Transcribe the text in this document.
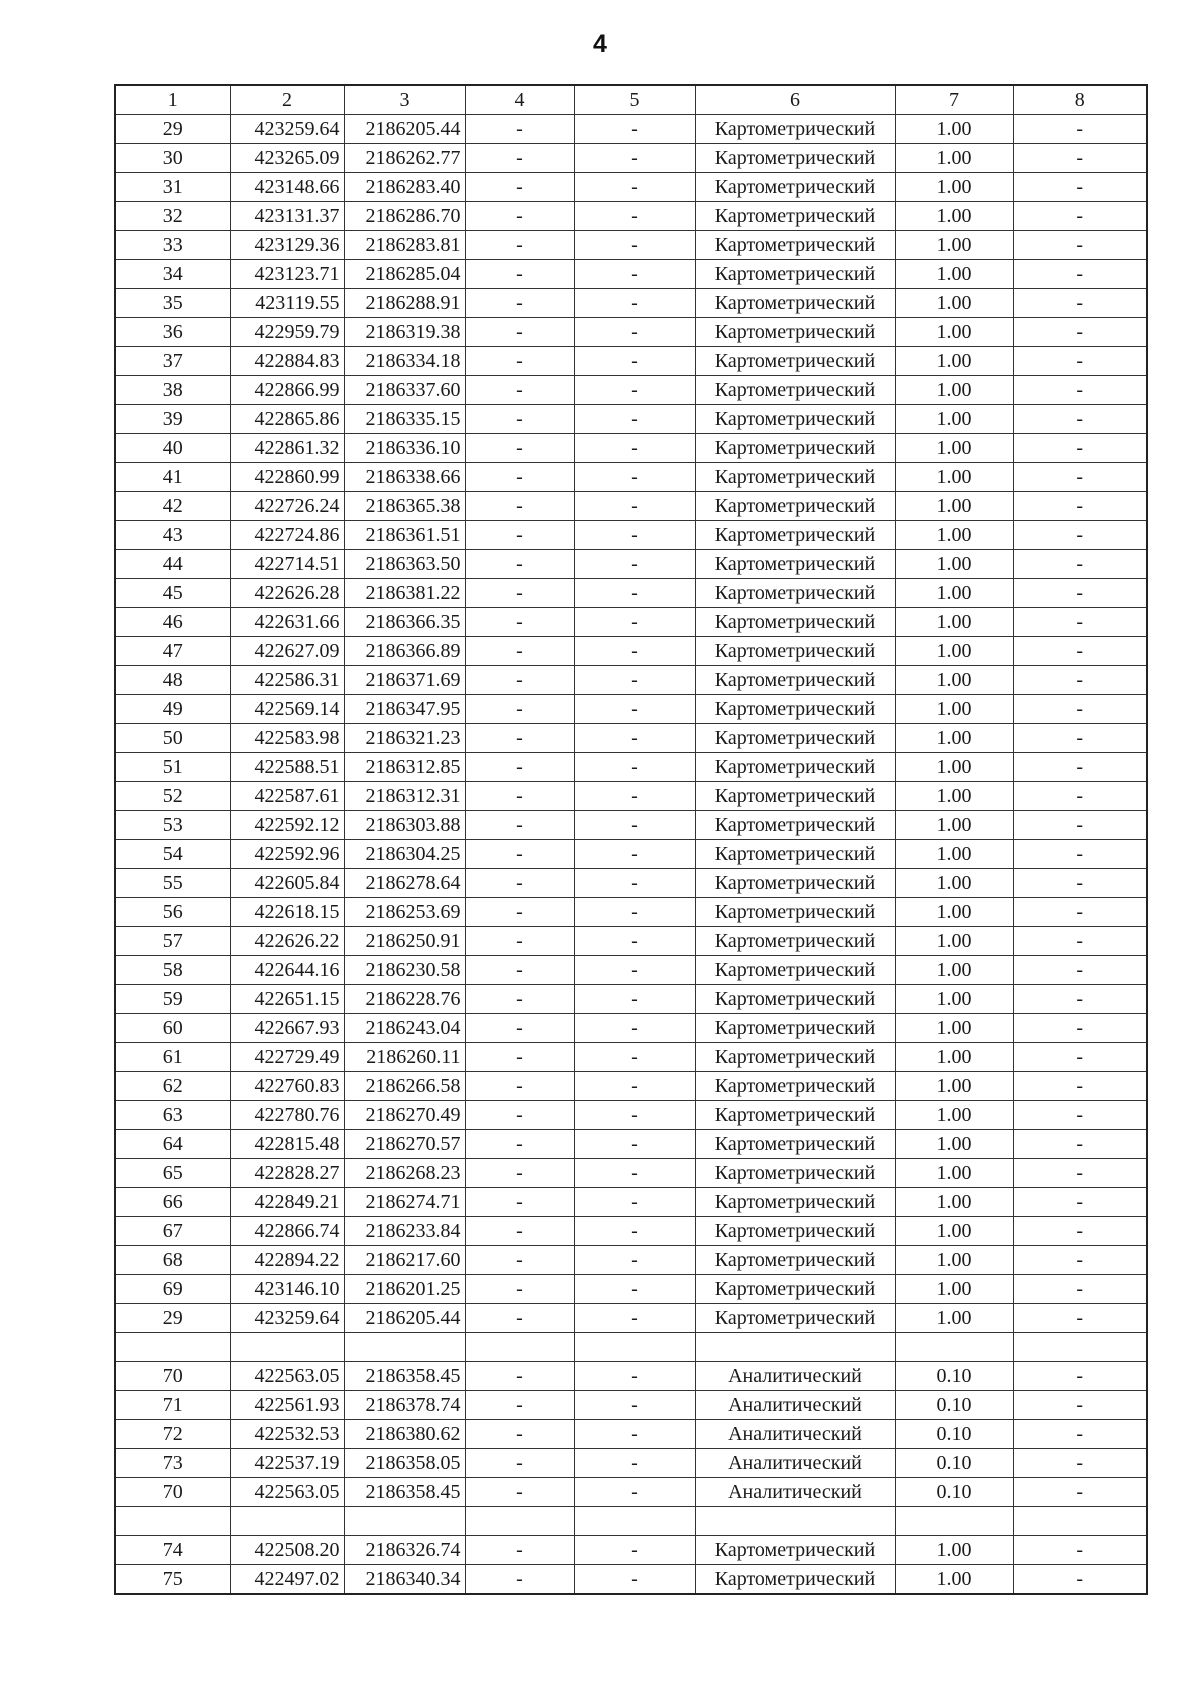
4
1	2	3	4	5	6	7	8
29	423259.64	2186205.44	-	-	Картометрический	1.00	-
30	423265.09	2186262.77	-	-	Картометрический	1.00	-
31	423148.66	2186283.40	-	-	Картометрический	1.00	-
32	423131.37	2186286.70	-	-	Картометрический	1.00	-
33	423129.36	2186283.81	-	-	Картометрический	1.00	-
34	423123.71	2186285.04	-	-	Картометрический	1.00	-
35	423119.55	2186288.91	-	-	Картометрический	1.00	-
36	422959.79	2186319.38	-	-	Картометрический	1.00	-
37	422884.83	2186334.18	-	-	Картометрический	1.00	-
38	422866.99	2186337.60	-	-	Картометрический	1.00	-
39	422865.86	2186335.15	-	-	Картометрический	1.00	-
40	422861.32	2186336.10	-	-	Картометрический	1.00	-
41	422860.99	2186338.66	-	-	Картометрический	1.00	-
42	422726.24	2186365.38	-	-	Картометрический	1.00	-
43	422724.86	2186361.51	-	-	Картометрический	1.00	-
44	422714.51	2186363.50	-	-	Картометрический	1.00	-
45	422626.28	2186381.22	-	-	Картометрический	1.00	-
46	422631.66	2186366.35	-	-	Картометрический	1.00	-
47	422627.09	2186366.89	-	-	Картометрический	1.00	-
48	422586.31	2186371.69	-	-	Картометрический	1.00	-
49	422569.14	2186347.95	-	-	Картометрический	1.00	-
50	422583.98	2186321.23	-	-	Картометрический	1.00	-
51	422588.51	2186312.85	-	-	Картометрический	1.00	-
52	422587.61	2186312.31	-	-	Картометрический	1.00	-
53	422592.12	2186303.88	-	-	Картометрический	1.00	-
54	422592.96	2186304.25	-	-	Картометрический	1.00	-
55	422605.84	2186278.64	-	-	Картометрический	1.00	-
56	422618.15	2186253.69	-	-	Картометрический	1.00	-
57	422626.22	2186250.91	-	-	Картометрический	1.00	-
58	422644.16	2186230.58	-	-	Картометрический	1.00	-
59	422651.15	2186228.76	-	-	Картометрический	1.00	-
60	422667.93	2186243.04	-	-	Картометрический	1.00	-
61	422729.49	2186260.11	-	-	Картометрический	1.00	-
62	422760.83	2186266.58	-	-	Картометрический	1.00	-
63	422780.76	2186270.49	-	-	Картометрический	1.00	-
64	422815.48	2186270.57	-	-	Картометрический	1.00	-
65	422828.27	2186268.23	-	-	Картометрический	1.00	-
66	422849.21	2186274.71	-	-	Картометрический	1.00	-
67	422866.74	2186233.84	-	-	Картометрический	1.00	-
68	422894.22	2186217.60	-	-	Картометрический	1.00	-
69	423146.10	2186201.25	-	-	Картометрический	1.00	-
29	423259.64	2186205.44	-	-	Картометрический	1.00	-

70	422563.05	2186358.45	-	-	Аналитический	0.10	-
71	422561.93	2186378.74	-	-	Аналитический	0.10	-
72	422532.53	2186380.62	-	-	Аналитический	0.10	-
73	422537.19	2186358.05	-	-	Аналитический	0.10	-
70	422563.05	2186358.45	-	-	Аналитический	0.10	-

74	422508.20	2186326.74	-	-	Картометрический	1.00	-
75	422497.02	2186340.34	-	-	Картометрический	1.00	-
